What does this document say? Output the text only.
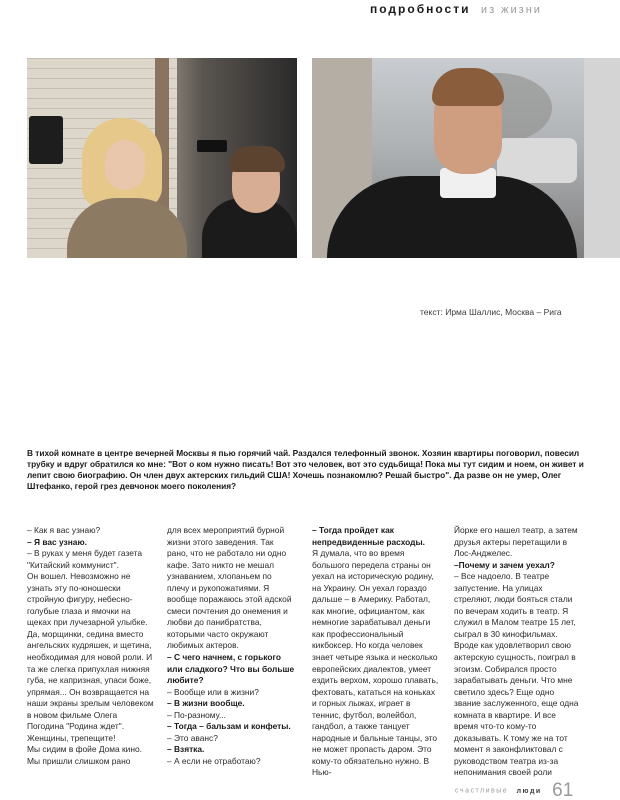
подробности из жизни
текст: Ирма Шаллис, Москва – Рига
В тихой комнате в центре вечерней Москвы я пью горячий чай. Раздался телефонный звонок. Хозяин квартиры поговорил, повесил трубку и вдруг обратился ко мне: "Вот о ком нужно писать! Вот это человек, вот это судьбища! Пока мы тут сидим и ноем, он живет и лепит свою биографию. Он член двух актерских гильдий США! Хочешь познакомлю? Решай быстро". Да разве он не умер, Олег Штефанко, герой грез девчонок моего поколения?

– Как я вас узнаю?

– Я вас узнаю.

– В руках у меня будет газета "Китайский коммунист".

Он вошел. Невозможно не узнать эту по-юношески стройную фигуру, небесно-голубые глаза и ямочки на щеках при лучезарной улыбке. Да, морщинки, седина вместо ангельских кудряшек, и щетина, необходимая для новой роли. И та же слегка припухлая нижняя губа, не капризная, упаси боже, упрямая... Он возвращается на наши экраны зрелым человеком в новом фильме Олега Погодина "Родина ждет". Женщины, трепещите!

Мы сидим в фойе Дома кино. Мы пришли слишком рано

для всех мероприятий бурной жизни этого заведения. Так рано, что не работало ни одно кафе. Зато никто не мешал узнаванием, хлопаньем по плечу и рукопожатиями. Я вообще поражаюсь этой адской смеси почтения до онемения и любви до панибратства, которыми часто окружают любимых актеров.

– С чего начнем, с горького или сладкого? Что вы больше любите?

– Вообще или в жизни?

– В жизни вообще.

– По-разному...

– Тогда – бальзам и конфеты.

– Это аванс?

– Взятка.

– А если не отработаю?

– Тогда пройдет как непредвиденные расходы.

Я думала, что во время большого передела страны он уехал на историческую родину, на Украину. Он уехал гораздо дальше – в Америку. Работал, как многие, официантом, как немногие зарабатывал деньги как профессиональный кикбоксер. Но когда человек знает четыре языка и несколько европейских диалектов, умеет ездить верхом, хорошо плавать, фехтовать, кататься на коньках и горных лыжах, играет в теннис, футбол, волейбол, гандбол, а также танцует народные и бальные танцы, это не может пропасть даром. Это кому-то обязательно нужно. В Нью-

Йорке его нашел театр, а затем друзья актеры перетащили в Лос-Анджелес.

–Почему и зачем уехал?

– Все надоело. В театре запустение. На улицах стреляют, люди бояться стали по вечерам ходить в театр. Я служил в Малом театре 15 лет, сыграл в 30 кинофильмах. Вроде как удовлетворил свою актерскую сущность, поиграл в эгоизм. Собирался просто зарабатывать деньги. Что мне светило здесь? Еще одно звание заслуженного, еще одна комната в квартире. И все время что-то кому-то доказывать. К тому же на тот момент я законфликтовал с руководством театра из-за непонимания своей роли

счастливые люди 61
